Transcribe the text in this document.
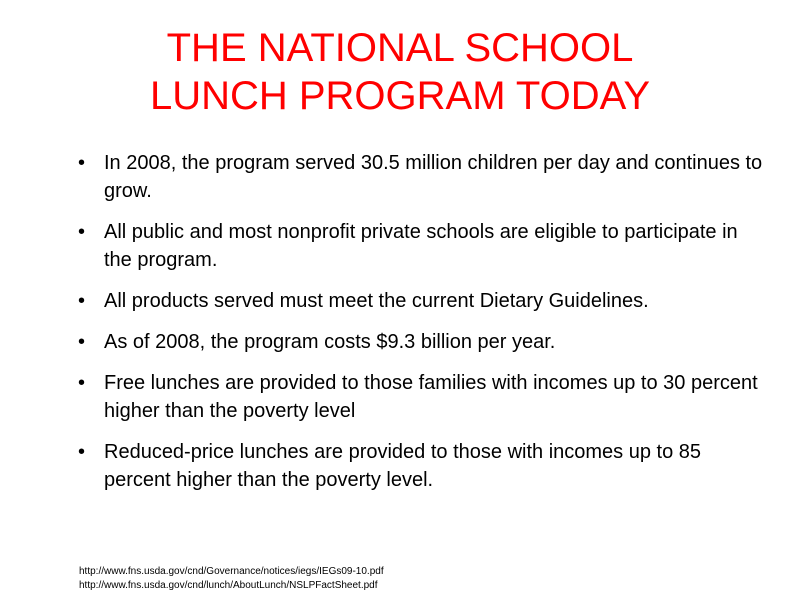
THE NATIONAL SCHOOL
LUNCH PROGRAM TODAY
• In 2008, the program served 30.5 million children per day and continues to grow.
• All public and most nonprofit private schools are eligible to participate in the program.
• All products served must meet the current Dietary Guidelines.
• As of 2008, the program costs $9.3 billion per year.
• Free lunches are provided to those families with incomes up to 30 percent higher than the poverty level
• Reduced-price lunches are provided to those with incomes up to 85 percent higher than the poverty level.
http://www.fns.usda.gov/cnd/Governance/notices/iegs/IEGs09-10.pdf
http://www.fns.usda.gov/cnd/lunch/AboutLunch/NSLPFactSheet.pdf
